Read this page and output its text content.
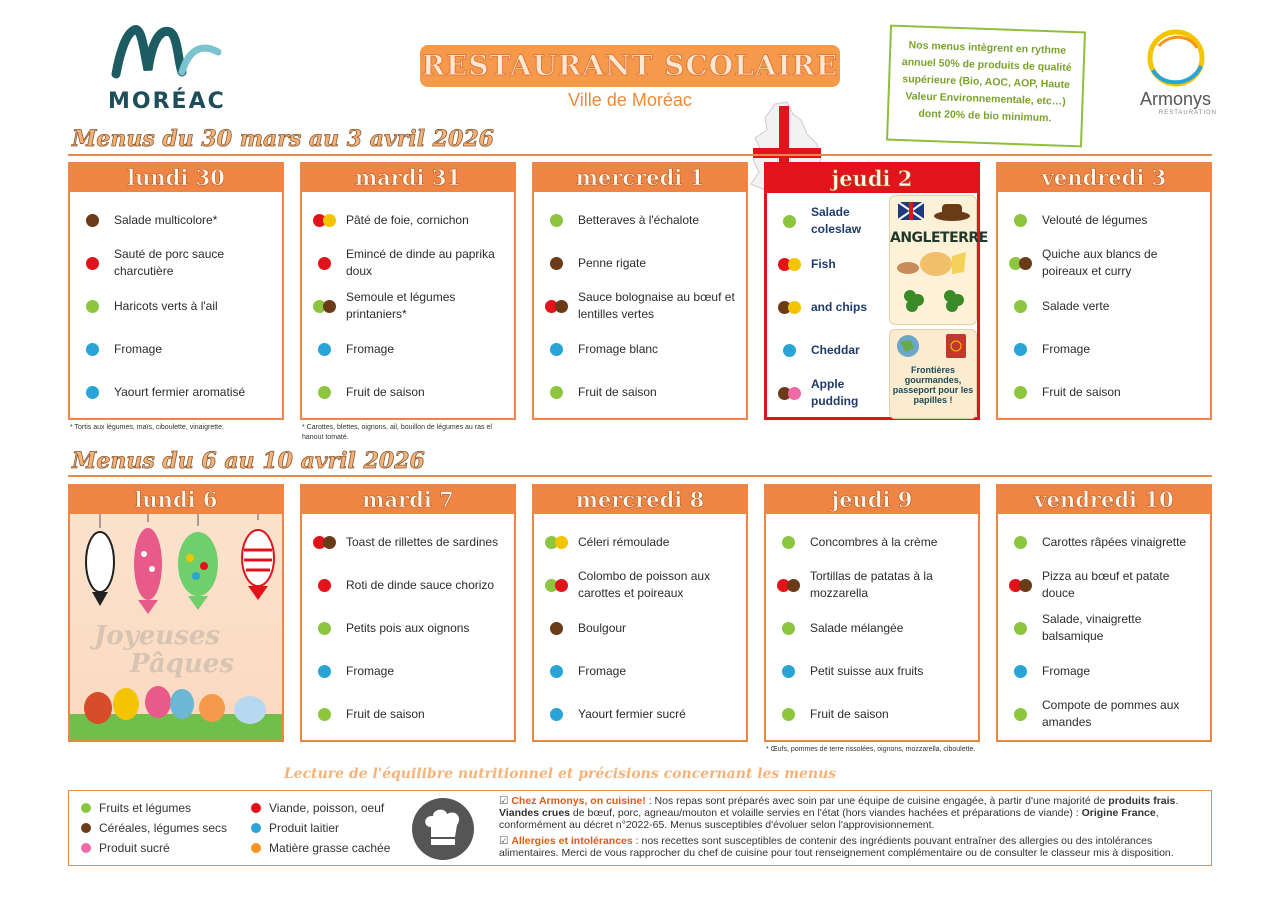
MORÉAC
RESTAURANT SCOLAIRE
Ville de Moréac
Nos menus intègrent en rythme annuel 50% de produits de qualité supérieure (Bio, AOC, AOP, Haute Valeur Environnementale, etc…) dont 20% de bio minimum.
Armonys
RESTAURATION
Menus du 30 mars au 3 avril 2026
lundi 30
Salade multicolore*
Sauté de porc sauce charcutière
Haricots verts à l'ail
Fromage
Yaourt fermier aromatisé
* Tortis aux légumes, maïs, ciboulette, vinaigrette.
mardi 31
Pâté de foie, cornichon
Emincé de dinde au paprika doux
Semoule et légumes printaniers*
Fromage
Fruit de saison
* Carottes, blettes, oignons, ail, bouillon de légumes au ras el hanout tomaté.
mercredi 1
Betteraves à l'échalote
Penne rigate
Sauce bolognaise au bœuf et lentilles vertes
Fromage blanc
Fruit de saison
jeudi 2
Salade coleslaw
Fish
and chips
Cheddar
Apple pudding
ANGLETERRE
Frontières gourmandes, passeport pour les papilles !
vendredi 3
Velouté de légumes
Quiche aux blancs de poireaux et curry
Salade verte
Fromage
Fruit de saison
Menus du 6 au 10 avril 2026
lundi 6
Joyeuses
Pâques
mardi 7
Toast de rillettes de sardines
Roti de dinde sauce chorizo
Petits pois aux oignons
Fromage
Fruit de saison
mercredi 8
Céleri rémoulade
Colombo de poisson aux carottes et poireaux
Boulgour
Fromage
Yaourt fermier sucré
jeudi 9
Concombres à la crème
Tortillas de patatas à la mozzarella
Salade mélangée
Petit suisse aux fruits
Fruit de saison
* Œufs, pommes de terre rissolées, oignons, mozzarella, ciboulette.
vendredi 10
Carottes râpées vinaigrette
Pizza au bœuf et patate douce
Salade, vinaigrette balsamique
Fromage
Compote de pommes aux amandes
Lecture de l'équilibre nutritionnel et précisions concernant les menus
Fruits et légumes
Céréales, légumes secs
Produit sucré
Viande, poisson, oeuf
Produit laitier
Matière grasse cachée
☑ Chez Armonys, on cuisine! : Nos repas sont préparés avec soin par une équipe de cuisine engagée, à partir d'une majorité de produits frais.
Viandes crues de bœuf, porc, agneau/mouton et volaille servies en l'état (hors viandes hachées et préparations de viande) : Origine France, conformément au décret n°2022-65. Menus susceptibles d'évoluer selon l'approvisionnement.
☑ Allergies et intolérances : nos recettes sont susceptibles de contenir des ingrédients pouvant entraîner des allergies ou des intolérances alimentaires. Merci de vous rapprocher du chef de cuisine pour tout renseignement complémentaire ou de consulter le classeur mis à disposition.
